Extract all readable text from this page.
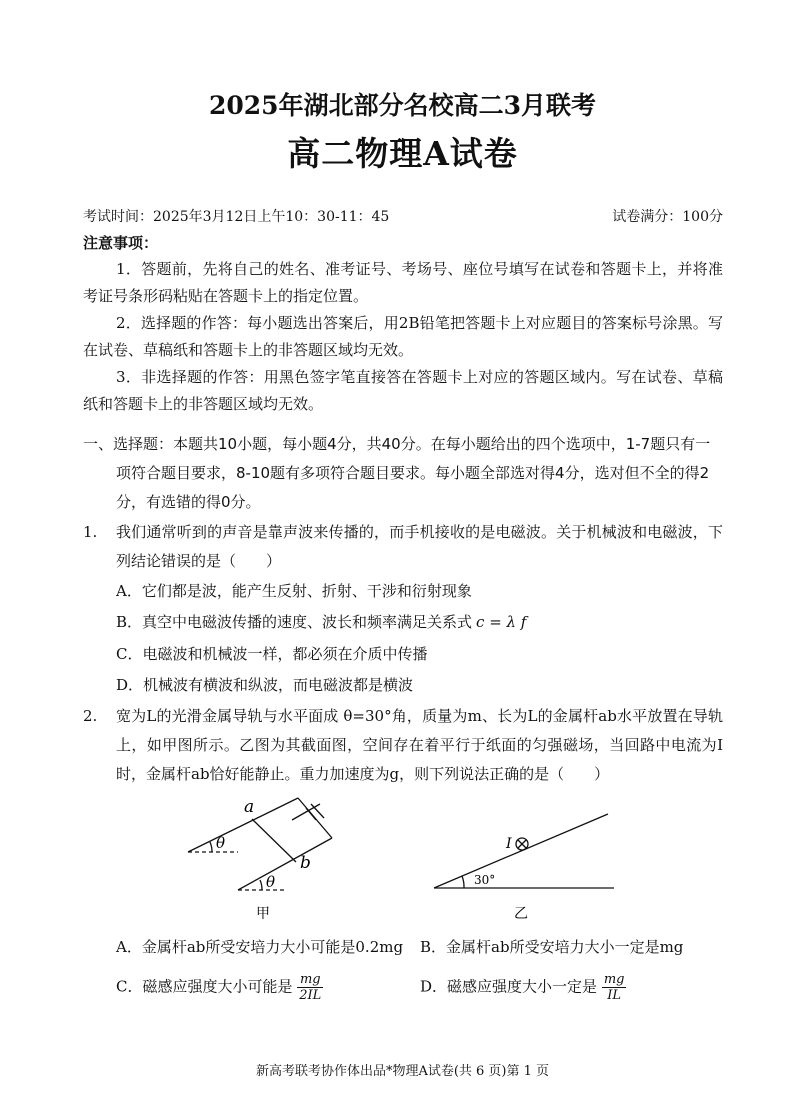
2025年湖北部分名校高二3月联考
高二物理A试卷
考试时间：2025年3月12日上午10：30-11：45	试卷满分：100分
注意事项：
1．答题前，先将自己的姓名、准考证号、考场号、座位号填写在试卷和答题卡上，并将准考证号条形码粘贴在答题卡上的指定位置。
2．选择题的作答：每小题选出答案后，用2B铅笔把答题卡上对应题目的答案标号涂黑。写在试卷、草稿纸和答题卡上的非答题区域均无效。
3．非选择题的作答：用黑色签字笔直接答在答题卡上对应的答题区域内。写在试卷、草稿纸和答题卡上的非答题区域均无效。
一、选择题：本题共10小题，每小题4分，共40分。在每小题给出的四个选项中，1-7题只有一项符合题目要求，8-10题有多项符合题目要求。每小题全部选对得4分，选对但不全的得2分，有选错的得0分。
1. 我们通常听到的声音是靠声波来传播的，而手机接收的是电磁波。关于机械波和电磁波，下列结论错误的是（　　）
A．它们都是波，能产生反射、折射、干涉和衍射现象
B．真空中电磁波传播的速度、波长和频率满足关系式 c = λ f
C．电磁波和机械波一样，都必须在介质中传播
D．机械波有横波和纵波，而电磁波都是横波
2. 宽为L的光滑金属导轨与水平面成 θ=30°角，质量为m、长为L的金属杆ab水平放置在导轨上，如甲图所示。乙图为其截面图，空间存在着平行于纸面的匀强磁场，当回路中电流为I时，金属杆ab恰好能静止。重力加速度为g，则下列说法正确的是（　　）
a
b
θ
θ
甲
I
30°
乙
A．金属杆ab所受安培力大小可能是0.2mg B．金属杆ab所受安培力大小一定是mg
C．磁感应强度大小可能是 $\frac{mg}{2IL}$	D．磁感应强度大小一定是 $\frac{mg}{IL}$
新高考联考协作体出品*物理A试卷(共 6 页)第 1 页
